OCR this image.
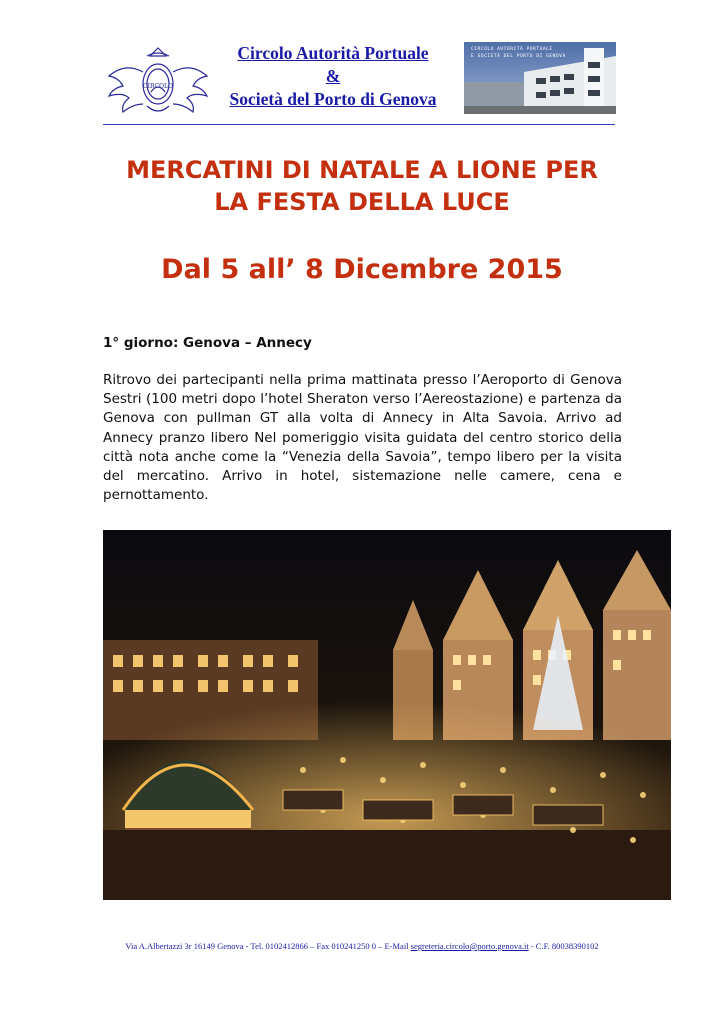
CIRCOLO
Circolo Autorità Portuale
&
Società del Porto di Genova
CIRCOLO AUTORITÀ PORTUALE
E SOCIETÀ DEL PORTO DI GENOVA
MERCATINI DI NATALE A LIONE PER
LA FESTA DELLA LUCE
Dal 5 all’ 8 Dicembre 2015
1° giorno: Genova – Annecy
Ritrovo dei partecipanti nella prima mattinata presso l’Aeroporto di Genova Sestri (100 metri dopo l’hotel Sheraton verso l’Aereostazione) e partenza da Genova con pullman GT alla volta di Annecy in Alta Savoia. Arrivo ad Annecy pranzo libero Nel pomeriggio visita guidata del centro storico della città nota anche come la “Venezia della Savoia”, tempo libero per la visita del mercatino. Arrivo in hotel, sistemazione nelle camere, cena e pernottamento.
Via A.Albertazzi 3r 16149 Genova - Tel. 0102412866 – Fax 010241250 0 – E-Mail segreteria.circolo@porto.genova.it - C.F. 80038390102
